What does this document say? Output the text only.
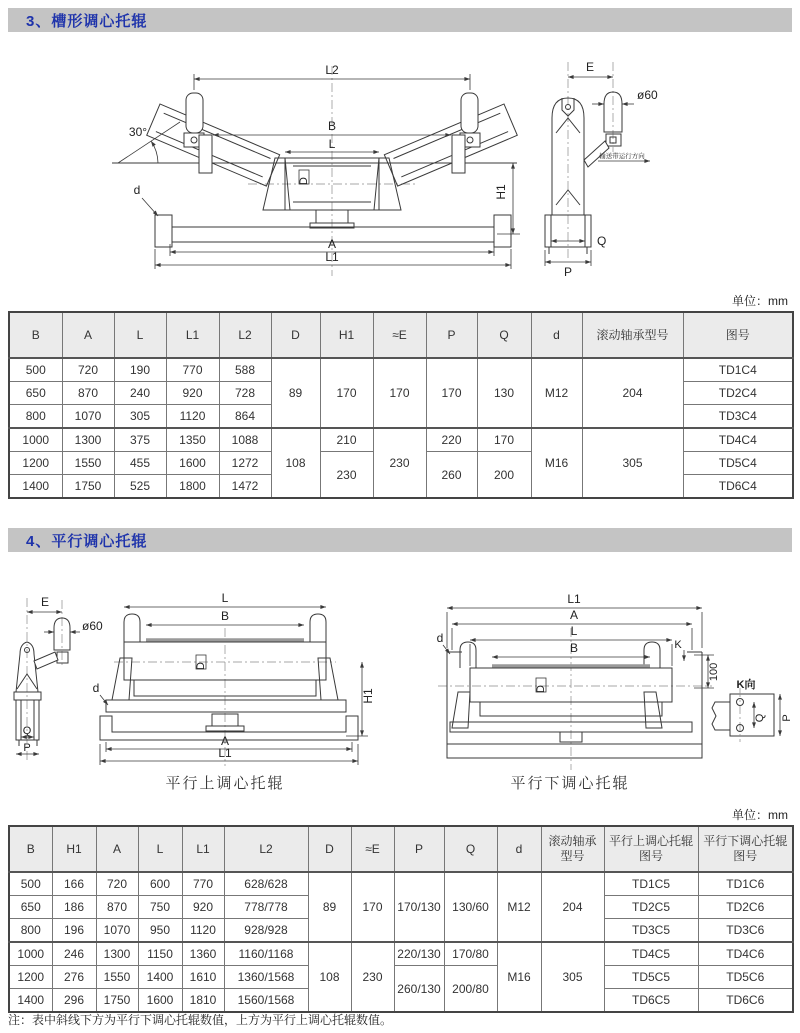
3、槽形调心托辊
L2
B
L
30°
D
d	H1
A
L1
E
ø60
输送带运行方向
Q
P
单位：mm
B	A	L	L1	L2	D	H1	≈E	P	Q	d	滚动轴承型号	图号
500	720	190	770	588	89	170	170	170	130	M12	204	TD1C4
650	870	240	920	728								TD2C4
800	1070	305	1120	864								TD3C4
1000	1300	375	1350	1088	108	210	230	220	170	M16	305	TD4C4
1200	1550	455	1600	1272		230		260	200			TD5C4
1400	1750	525	1800	1472								TD6C4
4、平行调心托辊
E
ø60
Q
P
L
B
D
d
H1
A
L1
L1
A
L
B
d	K
100
D	K向
Q P
平行上调心托辊	平行下调心托辊
单位：mm
B	H1	A	L	L1	L2	D	≈E	P	Q	d	滚动轴承型号	平行上调心托辊图号	平行下调心托辊图号
500	166	720	600	770	628/628	89	170	170/130	130/60	M12	204	TD1C5	TD1C6
650	186	870	750	920	778/778							TD2C5	TD2C6
800	196	1070	950	1120	928/928							TD3C5	TD3C6
1000	246	1300	1150	1360	1160/1168	108	230	220/130	170/80	M16	305	TD4C5	TD4C6
1200	276	1550	1400	1610	1360/1568			260/130	200/80			TD5C5	TD5C6
1400	296	1750	1600	1810	1560/1568							TD6C5	TD6C6
注：表中斜线下方为平行下调心托辊数值，上方为平行上调心托辊数值。
